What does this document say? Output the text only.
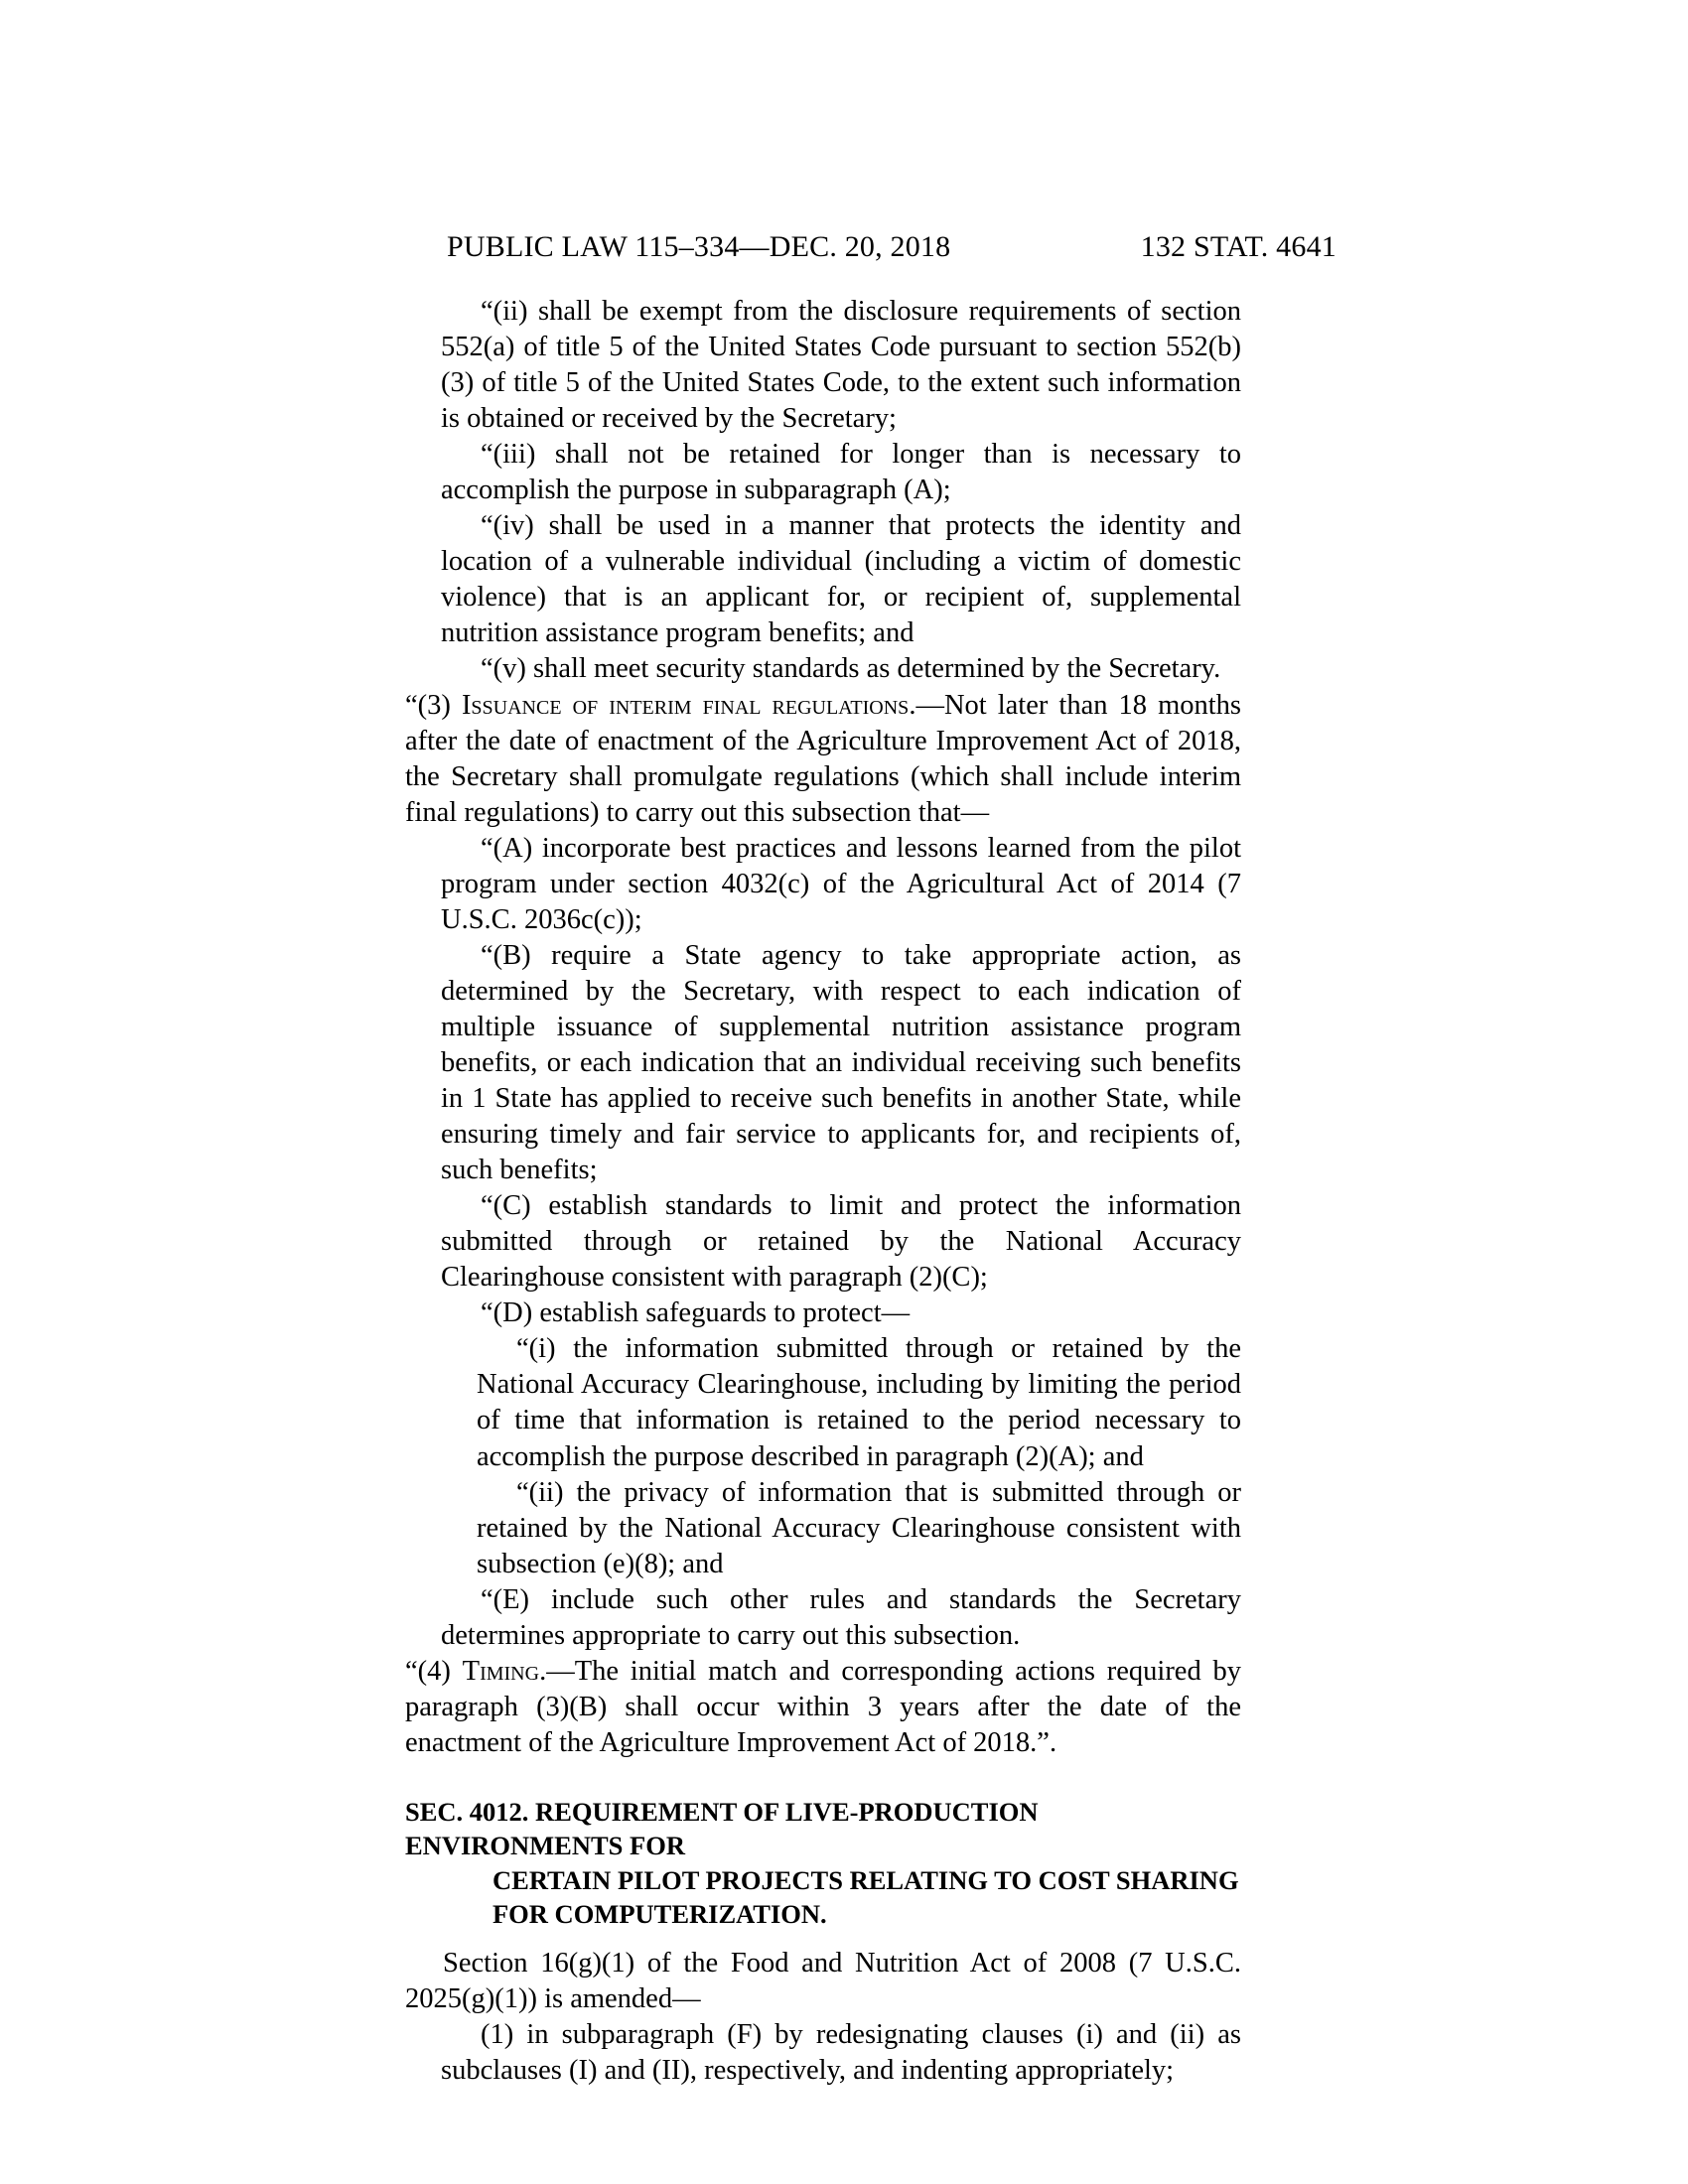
PUBLIC LAW 115–334—DEC. 20, 2018	132 STAT. 4641

“(ii) shall be exempt from the disclosure requirements of section 552(a) of title 5 of the United States Code pursuant to section 552(b)(3) of title 5 of the United States Code, to the extent such information is obtained or received by the Secretary;

“(iii) shall not be retained for longer than is necessary to accomplish the purpose in subparagraph (A);

“(iv) shall be used in a manner that protects the identity and location of a vulnerable individual (including a victim of domestic violence) that is an applicant for, or recipient of, supplemental nutrition assistance program benefits; and

“(v) shall meet security standards as determined by the Secretary.

“(3) Issuance of interim final regulations.—Not later than 18 months after the date of enactment of the Agriculture Improvement Act of 2018, the Secretary shall promulgate regulations (which shall include interim final regulations) to carry out this subsection that—

“(A) incorporate best practices and lessons learned from the pilot program under section 4032(c) of the Agricultural Act of 2014 (7 U.S.C. 2036c(c));

“(B) require a State agency to take appropriate action, as determined by the Secretary, with respect to each indication of multiple issuance of supplemental nutrition assistance program benefits, or each indication that an individual receiving such benefits in 1 State has applied to receive such benefits in another State, while ensuring timely and fair service to applicants for, and recipients of, such benefits;

“(C) establish standards to limit and protect the information submitted through or retained by the National Accuracy Clearinghouse consistent with paragraph (2)(C);

“(D) establish safeguards to protect—

“(i) the information submitted through or retained by the National Accuracy Clearinghouse, including by limiting the period of time that information is retained to the period necessary to accomplish the purpose described in paragraph (2)(A); and

“(ii) the privacy of information that is submitted through or retained by the National Accuracy Clearinghouse consistent with subsection (e)(8); and

“(E) include such other rules and standards the Secretary determines appropriate to carry out this subsection.

“(4) Timing.—The initial match and corresponding actions required by paragraph (3)(B) shall occur within 3 years after the date of the enactment of the Agriculture Improvement Act of 2018.”.

SEC. 4012. REQUIREMENT OF LIVE-PRODUCTION ENVIRONMENTS FOR
CERTAIN PILOT PROJECTS RELATING TO COST SHARING
FOR COMPUTERIZATION.

Section 16(g)(1) of the Food and Nutrition Act of 2008 (7 U.S.C. 2025(g)(1)) is amended—

(1) in subparagraph (F) by redesignating clauses (i) and (ii) as subclauses (I) and (II), respectively, and indenting appropriately;
